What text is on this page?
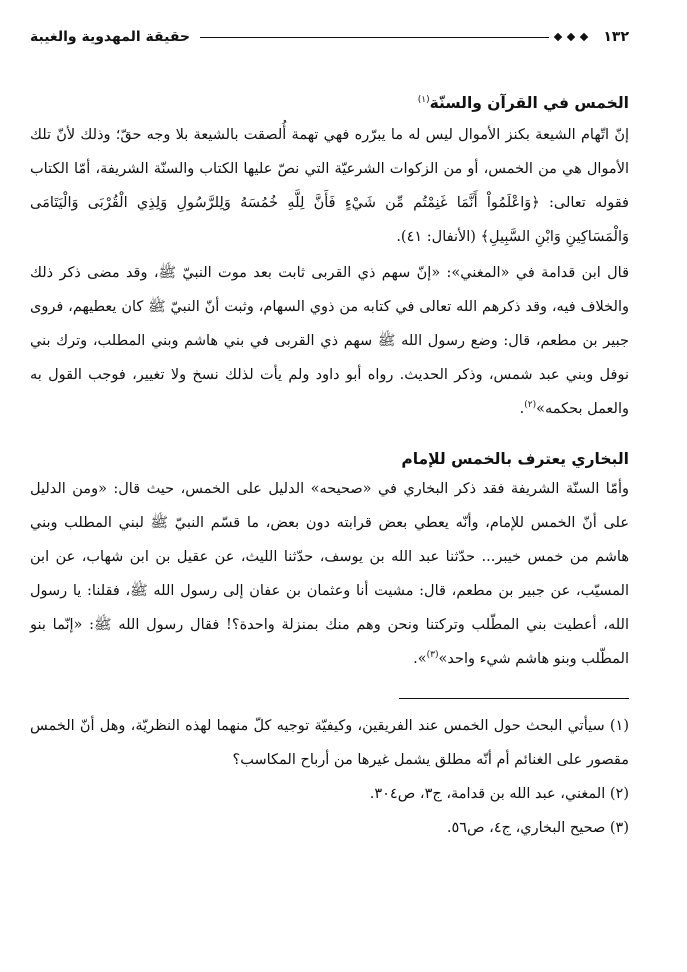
١٣٢
حقيقة المهدوية والغيبة
الخمس في القرآن والسنّة$^{(١)}$

إنّ اتّهام الشيعة بكنز الأموال ليس له ما يبرّره فهي تهمة أُلصقت بالشيعة بلا وجه حقّ؛ وذلك لأنّ تلك الأموال هي من الخمس، أو من الزكوات الشرعيّة التي نصّ عليها الكتاب والسنّة الشريفة، أمّا الكتاب فقوله تعالى: ﴿وَاعْلَمُواْ أَنَّمَا غَنِمْتُم مِّن شَيْءٍ فَأَنَّ لِلَّهِ خُمُسَهُ وَلِلرَّسُولِ وَلِذِي الْقُرْبَى وَالْيَتَامَى وَالْمَسَاكِينِ وَابْنِ السَّبِيلِ﴾ (الأنفال: ٤١).

قال ابن قدامة في «المغني»: «إنّ سهم ذي القربى ثابت بعد موت النبيّ ﷺ، وقد مضى ذكر ذلك والخلاف فيه، وقد ذكرهم الله تعالى في كتابه من ذوي السهام، وثبت أنّ النبيّ ﷺ كان يعطيهم، فروى جبير بن مطعم، قال: وضع رسول الله ﷺ سهم ذي القربى في بني هاشم وبني المطلب، وترك بني نوفل وبني عبد شمس، وذكر الحديث. رواه أبو داود ولم يأت لذلك نسخ ولا تغيير، فوجب القول به والعمل بحكمه»$^{(٢)}$.

البخاري يعترف بالخمس للإمام

وأمّا السنّة الشريفة فقد ذكر البخاري في «صحيحه» الدليل على الخمس، حيث قال: «ومن الدليل على أنّ الخمس للإمام، وأنّه يعطي بعض قرابته دون بعض، ما قسّم النبيّ ﷺ لبني المطلب وبني هاشم من خمس خيبر... حدّثنا عبد الله بن يوسف، حدّثنا الليث، عن عقيل بن ابن شهاب، عن ابن المسيّب، عن جبير بن مطعم، قال: مشيت أنا وعثمان بن عفان إلى رسول الله ﷺ، فقلنا: يا رسول الله، أعطيت بني المطّلب وتركتنا ونحن وهم منك بمنزلة واحدة؟! فقال رسول الله ﷺ: «إنّما بنو المطّلب وبنو هاشم شيء واحد»$^{(٣)}$».

(١) سيأتي البحث حول الخمس عند الفريقين، وكيفيّة توجيه كلّ منهما لهذه النظريّة، وهل أنّ الخمس مقصور على الغنائم أم أنّه مطلق يشمل غيرها من أرباح المكاسب؟

(٢) المغني، عبد الله بن قدامة، ج٣، ص٣٠٤.

(٣) صحيح البخاري، ج٤، ص٥٦.
